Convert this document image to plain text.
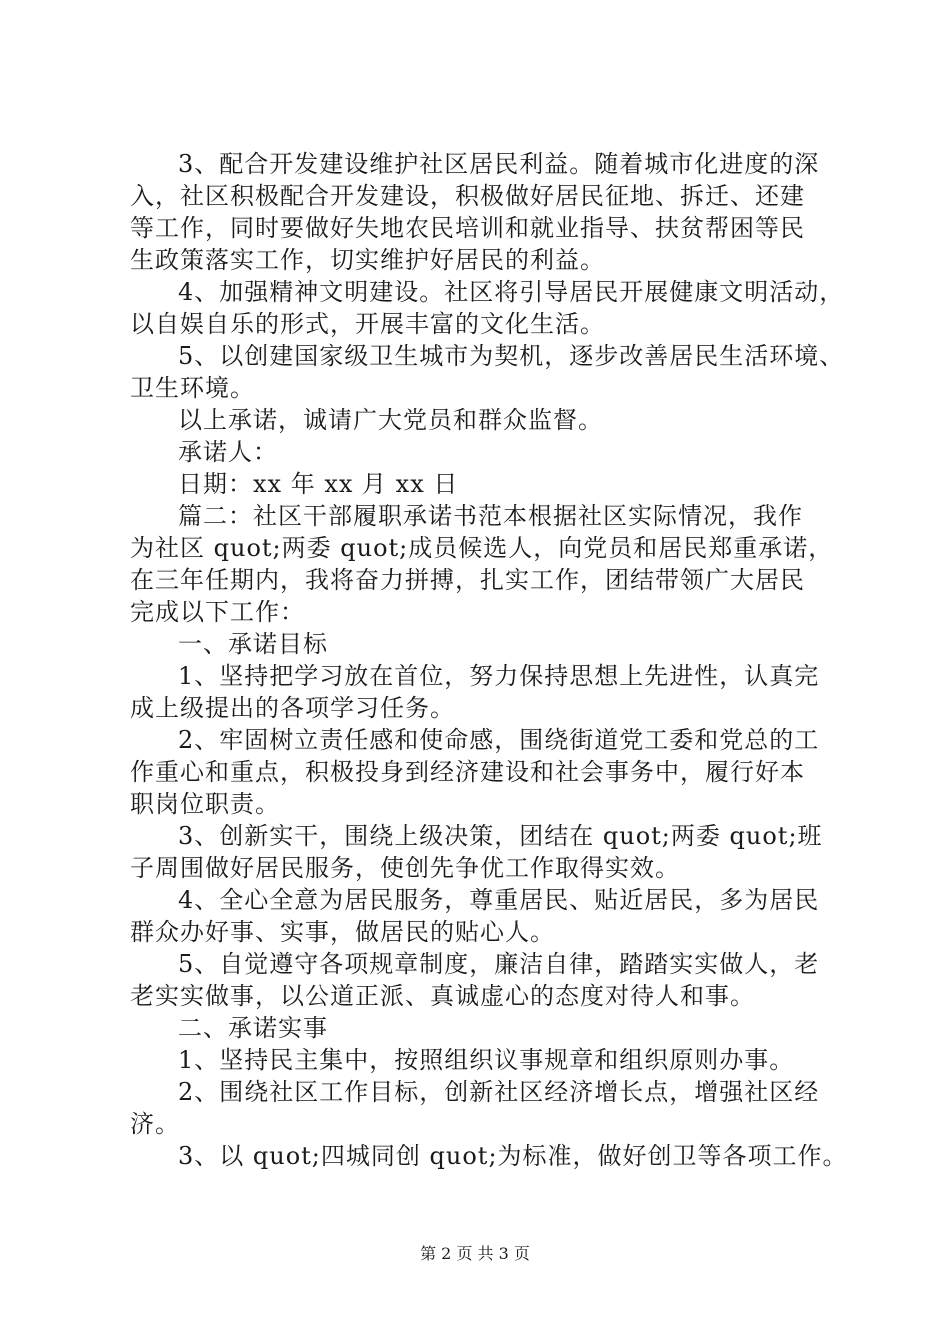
3、配合开发建设维护社区居民利益。随着城市化进度的深
入，社区积极配合开发建设，积极做好居民征地、拆迁、还建
等工作，同时要做好失地农民培训和就业指导、扶贫帮困等民
生政策落实工作，切实维护好居民的利益。
4、加强精神文明建设。社区将引导居民开展健康文明活动，
以自娱自乐的形式，开展丰富的文化生活。
5、以创建国家级卫生城市为契机，逐步改善居民生活环境、
卫生环境。
以上承诺，诚请广大党员和群众监督。
承诺人：
日期：xx 年 xx 月 xx 日
篇二：社区干部履职承诺书范本根据社区实际情况，我作
为社区 quot;两委 quot;成员候选人，向党员和居民郑重承诺，
在三年任期内，我将奋力拼搏，扎实工作，团结带领广大居民
完成以下工作：
一、承诺目标
1、坚持把学习放在首位，努力保持思想上先进性，认真完
成上级提出的各项学习任务。
2、牢固树立责任感和使命感，围绕街道党工委和党总的工
作重心和重点，积极投身到经济建设和社会事务中，履行好本
职岗位职责。
3、创新实干，围绕上级决策，团结在 quot;两委 quot;班
子周围做好居民服务，使创先争优工作取得实效。
4、全心全意为居民服务，尊重居民、贴近居民，多为居民
群众办好事、实事，做居民的贴心人。
5、自觉遵守各项规章制度，廉洁自律，踏踏实实做人，老
老实实做事，以公道正派、真诚虚心的态度对待人和事。
二、承诺实事
1、坚持民主集中，按照组织议事规章和组织原则办事。
2、围绕社区工作目标，创新社区经济增长点，增强社区经
济。
3、以 quot;四城同创 quot;为标准，做好创卫等各项工作。
第 2 页 共 3 页
